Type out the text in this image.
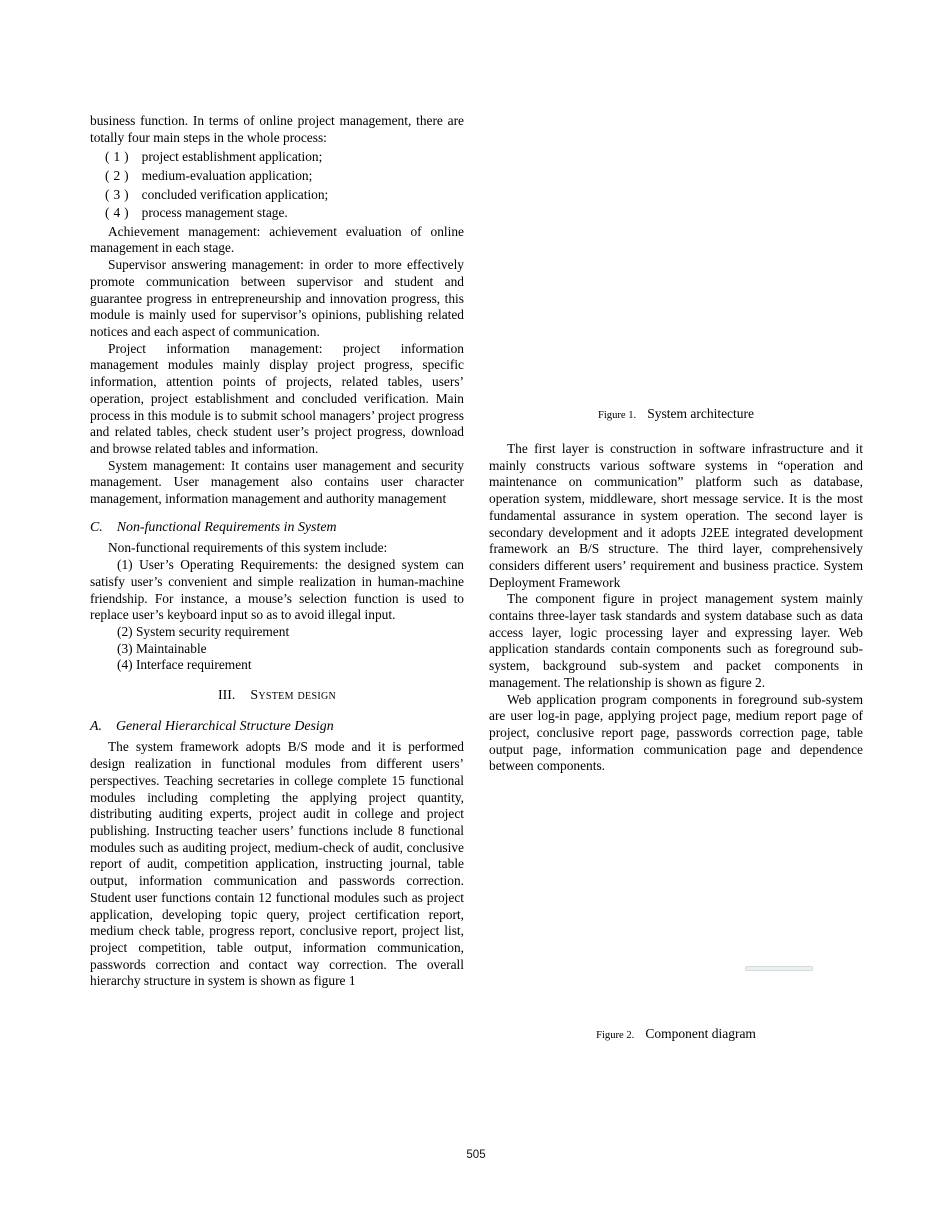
business function. In terms of online project management, there are totally four main steps in the whole process:

(1) project establishment application;
(2) medium-evaluation application;
(3) concluded verification application;
(4) process management stage.

Achievement management: achievement evaluation of online management in each stage.

Supervisor answering management: in order to more effectively promote communication between supervisor and student and guarantee progress in entrepreneurship and innovation progress, this module is mainly used for supervisor’s opinions, publishing related notices and each aspect of communication.

Project information management: project information management modules mainly display project progress, specific information, attention points of projects, related tables, users’ operation, project establishment and concluded verification. Main process in this module is to submit school managers’ project progress and related tables, check student user’s project progress, download and browse related tables and information.

System management: It contains user management and security management. User management also contains user character management, information management and authority management

C. Non-functional Requirements in System

Non-functional requirements of this system include:

(1) User’s Operating Requirements: the designed system can satisfy user’s convenient and simple realization in human-machine friendship. For instance, a mouse’s selection function is used to replace user’s keyboard input so as to avoid illegal input.

(2) System security requirement

(3) Maintainable

(4) Interface requirement

III. System design

A. General Hierarchical Structure Design

The system framework adopts B/S mode and it is performed design realization in functional modules from different users’ perspectives. Teaching secretaries in college complete 15 functional modules including completing the applying project quantity, distributing auditing experts, project audit in college and project publishing. Instructing teacher users’ functions include 8 functional modules such as auditing project, medium-check of audit, conclusive report of audit, competition application, instructing journal, table output, information communication and passwords correction. Student user functions contain 12 functional modules such as project application, developing topic query, project certification report, medium check table, progress report, conclusive report, project list, project competition, table output, information communication, passwords correction and contact way correction. The overall hierarchy structure in system is shown as figure 1

Figure 1. System architecture

The first layer is construction in software infrastructure and it mainly constructs various software systems in “operation and maintenance on communication” platform such as database, operation system, middleware, short message service. It is the most fundamental assurance in system operation. The second layer is secondary development and it adopts J2EE integrated development framework an B/S structure. The third layer, comprehensively considers different users’ requirement and business practice. System Deployment Framework

The component figure in project management system mainly contains three-layer task standards and system database such as data access layer, logic processing layer and expressing layer. Web application standards contain components such as foreground sub-system, background sub-system and packet components in management. The relationship is shown as figure 2.

Web application program components in foreground sub-system are user log-in page, applying project page, medium report page of project, conclusive report page, passwords correction page, table output page, information communication page and dependence between components.

Figure 2. Component diagram

505
